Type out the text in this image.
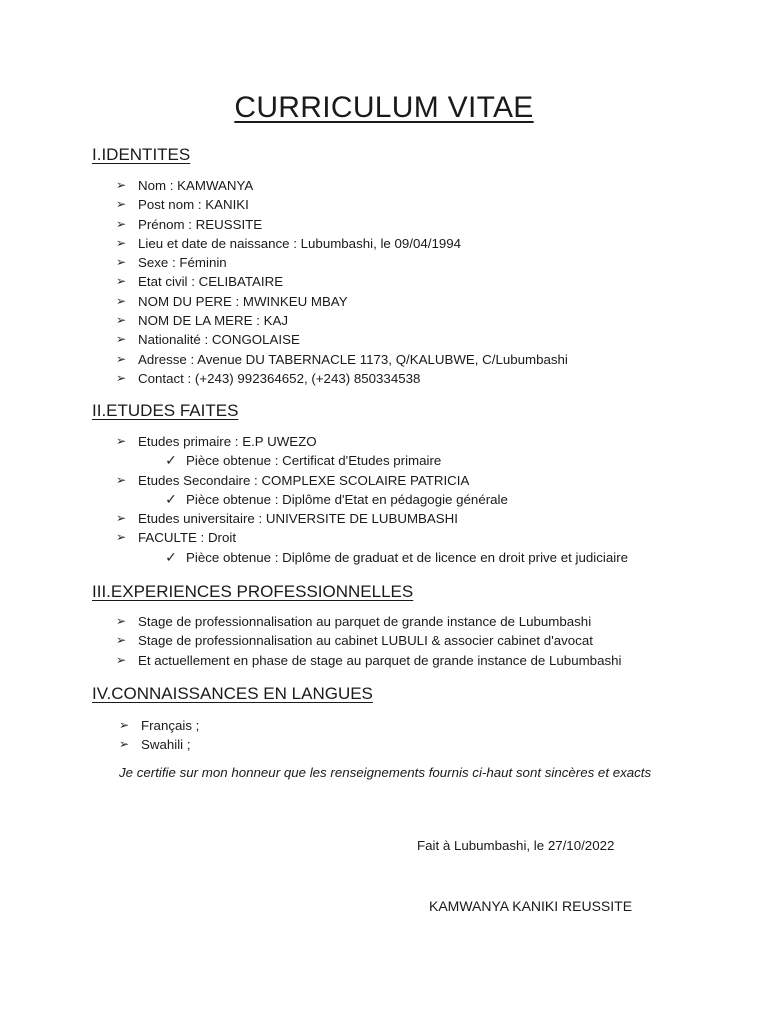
CURRICULUM VITAE
I.IDENTITES
➢ Nom : KAMWANYA
➢ Post nom : KANIKI
➢ Prénom : REUSSITE
➢ Lieu et date de naissance : Lubumbashi, le 09/04/1994
➢ Sexe : Féminin
➢ Etat civil : CELIBATAIRE
➢ NOM DU PERE : MWINKEU MBAY
➢ NOM DE LA MERE : KAJ
➢ Nationalité : CONGOLAISE
➢ Adresse : Avenue DU TABERNACLE 1173, Q/KALUBWE, C/Lubumbashi
➢ Contact : (+243) 992364652, (+243) 850334538
II.ETUDES FAITES
➢ Etudes primaire : E.P UWEZO
✓ Pièce obtenue : Certificat d'Etudes primaire
➢ Etudes Secondaire : COMPLEXE SCOLAIRE PATRICIA
✓ Pièce obtenue : Diplôme d'Etat en pédagogie générale
➢ Etudes universitaire : UNIVERSITE DE LUBUMBASHI
➢ FACULTE : Droit
✓ Pièce obtenue : Diplôme de graduat et de licence en droit prive et judiciaire
III.EXPERIENCES PROFESSIONNELLES
➢ Stage de professionnalisation au parquet de grande instance de Lubumbashi
➢ Stage de professionnalisation au cabinet LUBULI & associer cabinet d'avocat
➢ Et actuellement en phase de stage au parquet de grande instance de Lubumbashi
IV.CONNAISSANCES EN LANGUES
➢ Français ;
➢ Swahili ;
Je certifie sur mon honneur que les renseignements fournis ci-haut sont sincères et exacts
Fait à Lubumbashi, le 27/10/2022
KAMWANYA KANIKI REUSSITE
